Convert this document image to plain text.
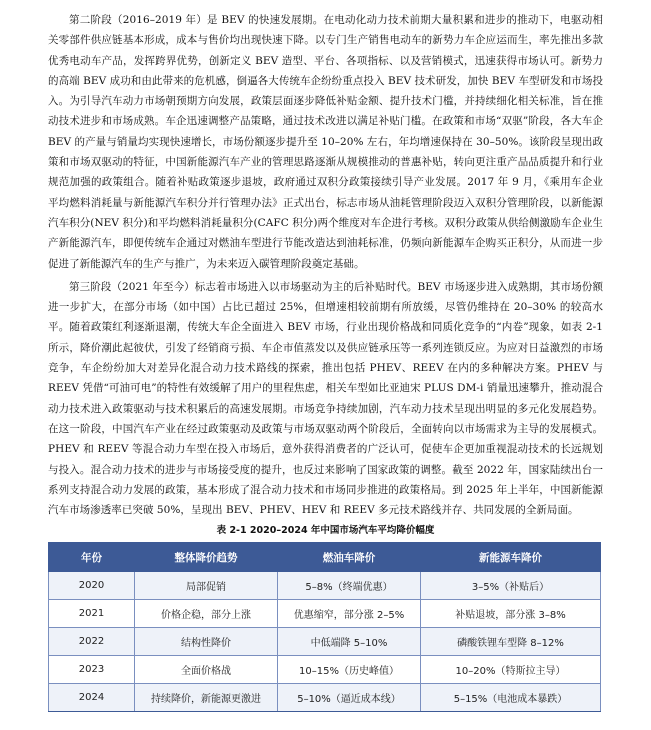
第二阶段（2016–2019 年）是 BEV 的快速发展期。在电动化动力技术前期大量积累和进步的推动下，电驱动相关零部件供应链基本形成，成本与售价均出现快速下降。以专门生产销售电动车的新势力车企应运而生，率先推出多款优秀电动车产品，发挥跨界优势，创新定义 BEV 造型、平台、各项指标、以及营销模式，迅速获得市场认可。新势力的高端 BEV 成功和由此带来的危机感，倒逼各大传统车企纷纷重点投入 BEV 技术研发，加快 BEV 车型研发和市场投入。为引导汽车动力市场朝预期方向发展，政策层面逐步降低补贴金额、提升技术门槛，并持续细化相关标准，旨在推动技术进步和市场成熟。车企迅速调整产品策略，通过技术改进以满足补贴门槛。在政策和市场“双驱”阶段，各大车企 BEV 的产量与销量均实现快速增长，市场份额逐步提升至 10–20% 左右，年均增速保持在 30–50%。该阶段呈现出政策和市场双驱动的特征，中国新能源汽车产业的管理思路逐渐从规模推动的普惠补贴，转向更注重产品品质提升和行业规范加强的政策组合。随着补贴政策逐步退坡，政府通过双积分政策接续引导产业发展。2017 年 9 月，《乘用车企业平均燃料消耗量与新能源汽车积分并行管理办法》正式出台，标志市场从油耗管理阶段迈入双积分管理阶段，以新能源汽车积分(NEV 积分)和平均燃料消耗量积分(CAFC 积分)两个维度对车企进行考核。双积分政策从供给侧激励车企业生产新能源汽车，即便传统车企通过对燃油车型进行节能改造达到油耗标准，仍频向新能源车企购买正积分，从而进一步促进了新能源汽车的生产与推广，为未来迈入碳管理阶段奠定基础。

第三阶段（2021 年至今）标志着市场进入以市场驱动为主的后补贴时代。BEV 市场逐步进入成熟期，其市场份额进一步扩大，在部分市场（如中国）占比已超过 25%，但增速相较前期有所放缓，尽管仍维持在 20–30% 的较高水平。随着政策红利逐渐退潮，传统大车企全面进入 BEV 市场，行业出现价格战和同质化竞争的“内卷”现象，如表 2-1 所示，降价潮此起彼伏，引发了经销商亏损、车企市值蒸发以及供应链承压等一系列连锁反应。为应对日益激烈的市场竞争，车企纷纷加大对差异化混合动力技术路线的探索，推出包括 PHEV、REEV 在内的多种解决方案。PHEV 与 REEV 凭借“可油可电”的特性有效缓解了用户的里程焦虑，相关车型如比亚迪宋 PLUS DM-i 销量迅速攀升，推动混合动力技术进入政策驱动与技术积累后的高速发展期。市场竞争持续加剧，汽车动力技术呈现出明显的多元化发展趋势。在这一阶段，中国汽车产业在经过政策驱动及政策与市场双驱动两个阶段后，全面转向以市场需求为主导的发展模式。PHEV 和 REEV 等混合动力车型在投入市场后，意外获得消费者的广泛认可，促使车企更加重视混动技术的长远规划与投入。混合动力技术的进步与市场接受度的提升，也反过来影响了国家政策的调整。截至 2022 年，国家陆续出台一系列支持混合动力发展的政策，基本形成了混合动力技术和市场同步推进的政策格局。到 2025 年上半年，中国新能源汽车市场渗透率已突破 50%，呈现出 BEV、PHEV、HEV 和 REEV 多元技术路线并存、共同发展的全新局面。

表 2-1 2020–2024 年中国市场汽车平均降价幅度
年份	整体降价趋势	燃油车降价	新能源车降价
2020	局部促销	5–8%（终端优惠）	3–5%（补贴后）
2021	价格企稳，部分上涨	优惠缩窄，部分涨 2–5%	补贴退坡，部分涨 3–8%
2022	结构性降价	中低端降 5–10%	磷酸铁锂车型降 8–12%
2023	全面价格战	10–15%（历史峰值）	10–20%（特斯拉主导）
2024	持续降价，新能源更激进	5–10%（逼近成本线）	5–15%（电池成本暴跌）
